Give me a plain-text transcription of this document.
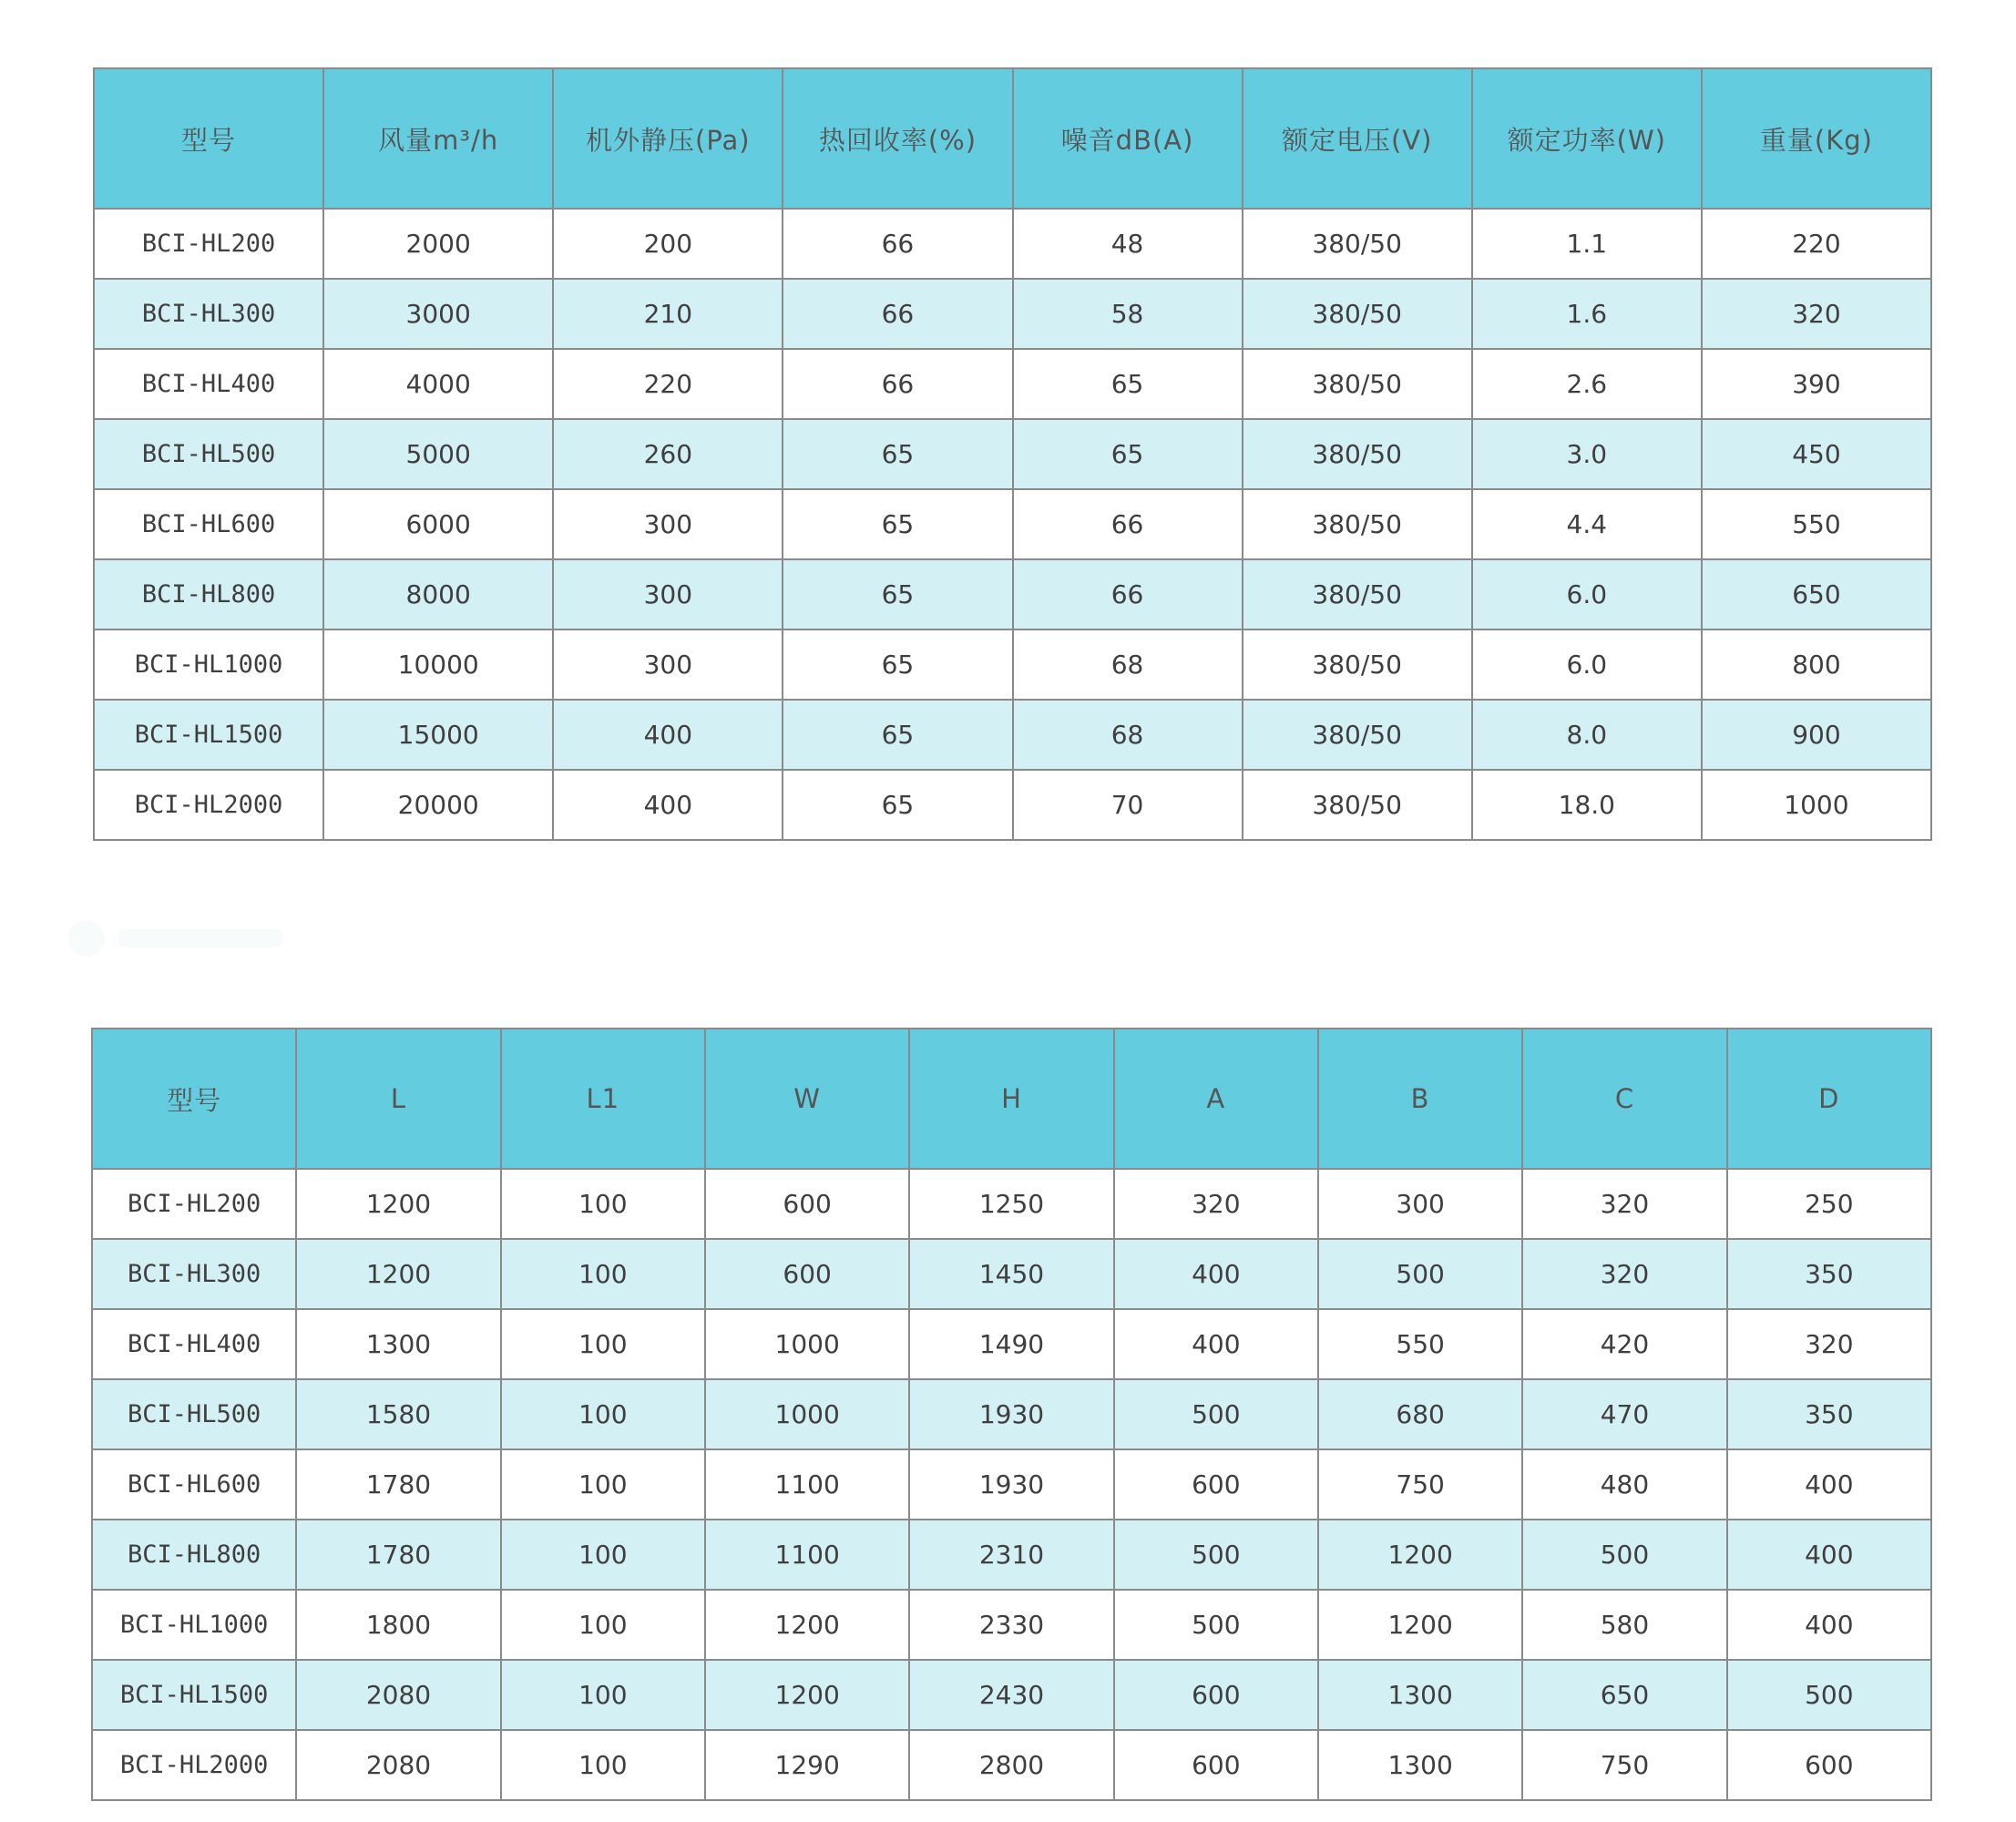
型号	风量m³/h	机外静压(Pa)	热回收率(%)	噪音dB(A)	额定电压(V)	额定功率(W)	重量(Kg)
BCI-HL200	2000	200	66	48	380/50	1.1	220
BCI-HL300	3000	210	66	58	380/50	1.6	320
BCI-HL400	4000	220	66	65	380/50	2.6	390
BCI-HL500	5000	260	65	65	380/50	3.0	450
BCI-HL600	6000	300	65	66	380/50	4.4	550
BCI-HL800	8000	300	65	66	380/50	6.0	650
BCI-HL1000	10000	300	65	68	380/50	6.0	800
BCI-HL1500	15000	400	65	68	380/50	8.0	900
BCI-HL2000	20000	400	65	70	380/50	18.0	1000
型号	L	L1	W	H	A	B	C	D
BCI-HL200	1200	100	600	1250	320	300	320	250
BCI-HL300	1200	100	600	1450	400	500	320	350
BCI-HL400	1300	100	1000	1490	400	550	420	320
BCI-HL500	1580	100	1000	1930	500	680	470	350
BCI-HL600	1780	100	1100	1930	600	750	480	400
BCI-HL800	1780	100	1100	2310	500	1200	500	400
BCI-HL1000	1800	100	1200	2330	500	1200	580	400
BCI-HL1500	2080	100	1200	2430	600	1300	650	500
BCI-HL2000	2080	100	1290	2800	600	1300	750	600
